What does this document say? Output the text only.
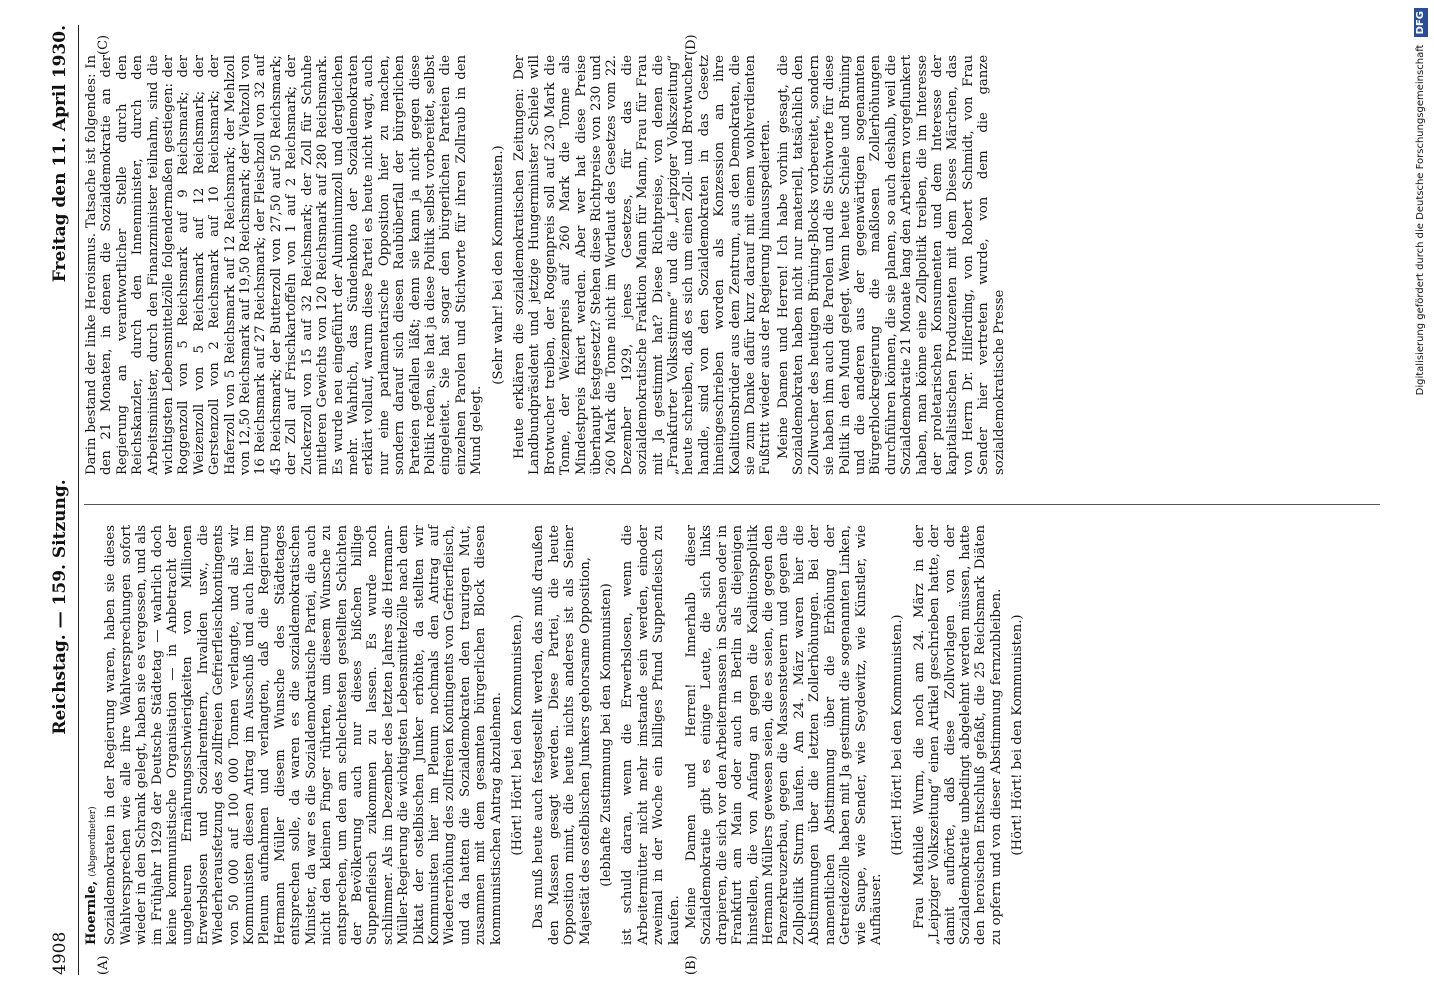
4908
Reichstag. — 159. Sitzung.
Freitag den 11. April 1930.
(A)	(B)
(C)	(D)

Hoernle, (Abgeordneter) Sozialdemokraten in der Regierung waren, haben sie dieses Wahlversprechen wie alle ihre Wahlversprechungen sofort wieder in den Schrank gelegt, haben sie es vergessen, und als im Frühjahr 1929 der Deutsche Städtetag — wahrlich doch keine kommunistische Organisation — in Anbetracht der ungeheuren Ernährungsschwierigkeiten von Millionen Erwerbslosen und Sozialrentnern, Invaliden usw., die Wiederherausfetzung des zollfreien Gefrierfleischkontingents von 50 000 auf 100 000 Tonnen verlangte, und als wir Kommunisten diesen Antrag im Ausschuß und auch hier im Plenum aufnahmen und verlangten, daß die Regierung Hermann Müller diesem Wunsche des Städtetages entsprechen solle, da waren es die sozialdemokratischen Minister, da war es die Sozialdemokratische Partei, die auch nicht den kleinen Finger rührten, um diesem Wunsche zu entsprechen, um den am schlechtesten gestellten Schichten der Bevölkerung auch nur dieses bißchen billige Suppenfleisch zukommen zu lassen. Es wurde noch schlimmer. Als im Dezember des letzten Jahres die Hermann-Müller-Regierung die wichtigsten Lebensmittelzölle nach dem Diktat der ostelbischen Junker erhöhte, da stellten wir Kommunisten hier im Plenum nochmals den Antrag auf Wiedererhöhung des zollfreien Kontingents von Gefrierfleisch, und da hatten die Sozialdemokraten den traurigen Mut, zusammen mit dem gesamten bürgerlichen Block diesen kommunistischen Antrag abzulehnen. (Hört! Hört! bei den Kommunisten.) Das muß heute auch festgestellt werden, das muß draußen den Massen gesagt werden. Diese Partei, die heute Opposition mimt, die heute nichts anderes ist als Seiner Majestät des ostelbischen Junkers gehorsame Opposition, (lebhafte Zustimmung bei den Kommunisten) ist schuld daran, wenn die Erwerbslosen, wenn die Arbeitermütter nicht mehr imstande sein werden, einoder zweimal in der Woche ein billiges Pfund Suppenfleisch zu kaufen. Meine Damen und Herren! Innerhalb dieser Sozialdemokratie gibt es einige Leute, die sich links drapieren, die sich vor den Arbeitermassen in Sachsen oder in Frankfurt am Main oder auch in Berlin als diejenigen hinstellen, die von Anfang an gegen die Koalitionspolitik Hermann Müllers gewesen seien, die es seien, die gegen den Panzerkreuzerbau, gegen die Massensteuern und gegen die Zollpolitik Sturm laufen. Am 24. März waren hier die Abstimmungen über die letzten Zollerhöhungen. Bei der namentlichen Abstimmung über die Erhöhung der Getreidezölle haben mit Ja gestimmt die sogenannten Linken, wie Saupe, wie Sender, wie Seydewitz, wie Künstler, wie Aufhäuser.

(Hört! Hört! bei den Kommunisten.) Frau Mathilde Wurm, die noch am 24. März in der „Leipziger Volkszeitung“ einen Artikel geschrieben hatte, der damit aufhörte, daß diese Zollvorlagen von der Sozialdemokratie unbedingt abgelehnt werden müssen, hatte den heroischen Entschluß gefaßt, die 25 Reichsmark Diäten zu opfern und von dieser Abstimmung fernzubleiben. (Hört! Hört! bei den Kommunisten.)

Darin bestand der linke Heroismus. Tatsache ist folgendes: In den 21 Monaten, in denen die Sozialdemokratie an der Regierung an verantwortlicher Stelle durch den Reichskanzler, durch den Innenminister, durch den Arbeitsminister, durch den Finanzminister teilnahm, sind die wichtigsten Lebensmittelzölle folgendermaßen gestiegen: der Roggenzoll von 5 Reichsmark auf 9 Reichsmark; der Weizenzoll von 5 Reichsmark auf 12 Reichsmark; der Gerstenzoll von 2 Reichsmark auf 10 Reichsmark; der Haferzoll von 5 Reichsmark auf 12 Reichsmark; der Mehlzoll von 12,50 Reichsmark auf 19,50 Reichsmark; der Viehzoll von 16 Reichsmark auf 27 Reichsmark; der Fleischzoll von 32 auf 45 Reichsmark; der Butterzoll von 27,50 auf 50 Reichsmark; der Zoll auf Frischkartoffeln von 1 auf 2 Reichsmark; der Zuckerzoll von 15 auf 32 Reichsmark; der Zoll für Schuhe mittleren Gewichts von 120 Reichsmark auf 280 Reichsmark. Es wurde neu eingeführt der Aluminiumzoll und dergleichen mehr. Wahrlich, das Sündenkonto der Sozialdemokraten erklärt vollauf, warum diese Partei es heute nicht wagt, auch nur eine parlamentarische Opposition hier zu machen, sondern darauf sich diesen Raubüberfall der bürgerlichen Parteien gefallen läßt; denn sie kann ja nicht gegen diese Politik reden, sie hat ja diese Politik selbst vorbereitet, selbst eingeleitet. Sie hat sogar den bürgerlichen Parteien die einzelnen Parolen und Stichworte für ihren Zollraub in den Mund gelegt.

(Sehr wahr! bei den Kommunisten.) Heute erklären die sozialdemokratischen Zeitungen: Der Landbundpräsident und jetzige Hungerminister Schiele will Brotwucher treiben, der Roggenpreis soll auf 230 Mark die Tonne, der Weizenpreis auf 260 Mark die Tonne als Mindestpreis fixiert werden. Aber wer hat diese Preise überhaupt festgesetzt? Stehen diese Richtpreise von 230 und 260 Mark die Tonne nicht im Wortlaut des Gesetzes vom 22. Dezember 1929, jenes Gesetzes, für das die sozialdemokratische Fraktion Mann für Mann, Frau für Frau mit Ja gestimmt hat? Diese Richtpreise, von denen die „Frankfurter Volksstimme“ und die „Leipziger Volkszeitung“ heute schreiben, daß es sich um einen Zoll- und Brotwucher handle, sind von den Sozialdemokraten in das Gesetz hineingeschrieben worden als Konzession an ihre Koalitionsbrüder aus dem Zentrum, aus den Demokraten, die sie zum Danke dafür kurz darauf mit einem wohlverdienten Fußtritt wieder aus der Regierung hinausspedierten. Meine Damen und Herren! Ich habe vorhin gesagt, die Sozialdemokraten haben nicht nur materiell, tatsächlich den Zollwucher des heutigen Brüning-Blocks vorbereitet, sondern sie haben ihm auch die Parolen und die Stichworte für diese Politik in den Mund gelegt. Wenn heute Schiele und Brüning und die anderen aus der gegenwärtigen sogenannten Bürgerblockregierung die maßlosen Zollerhöhungen durchführen können, die sie planen, so auch deshalb, weil die Sozialdemokratie 21 Monate lang den Arbeitern vorgeflunkert haben, man könne eine Zollpolitik treiben, die im Interesse der proletarischen Konsumenten und dem Interesse der kapitalistischen Produzenten mit dem Dieses Märchen, das von Herrn Dr. Hilferding, von Robert Schmidt, von Frau Sender hier vertreten wurde, von dem die ganze sozialdemokratische Presse	Digitalisierung gefördert durch die Deutsche Forschungsgemeinschaft DFG
